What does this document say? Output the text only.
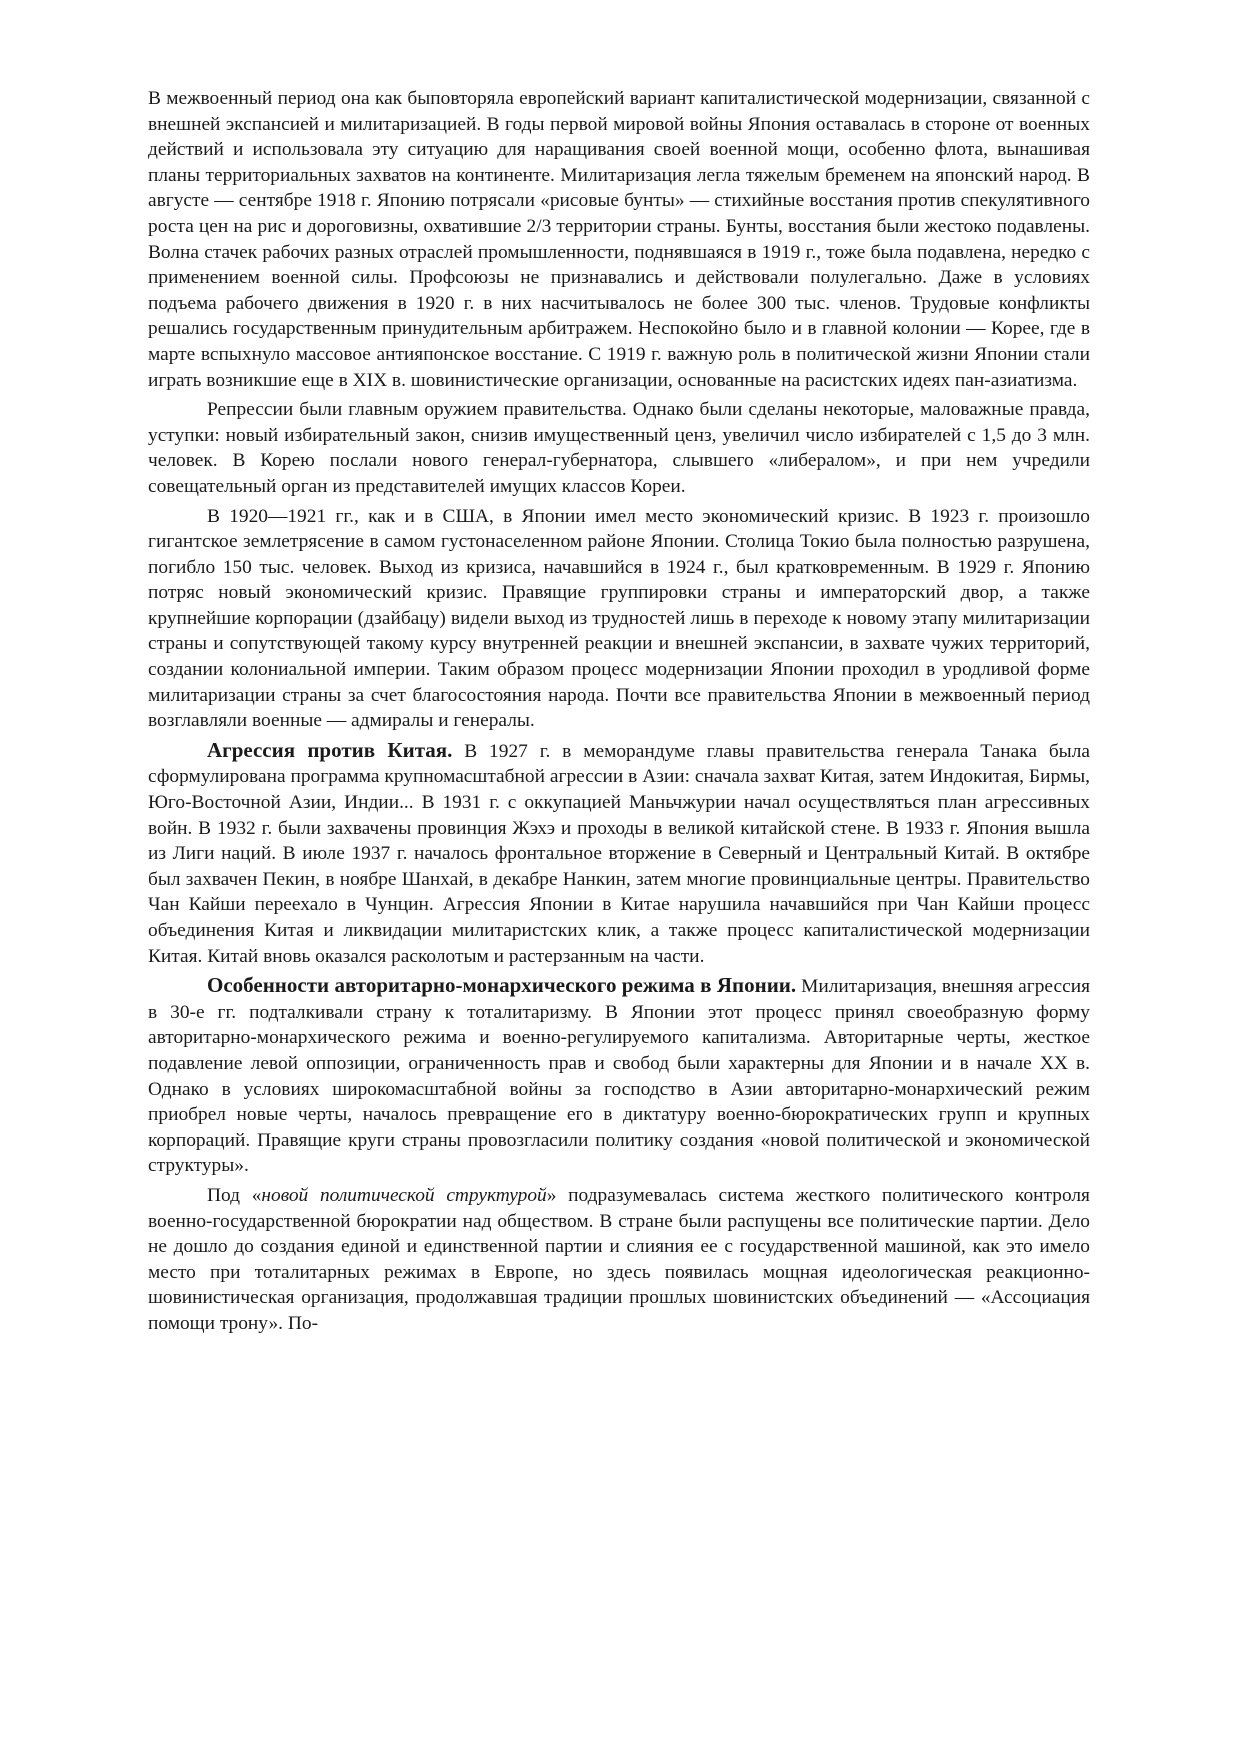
В межвоенный период она как быповторяла европейский вариант капиталистической модернизации, связанной с внешней экспансией и милитаризацией. В годы первой мировой войны Япония оставалась в стороне от военных действий и использовала эту ситуацию для наращивания своей военной мощи, особенно флота, вынашивая планы территориальных захватов на континенте. Милитаризация легла тяжелым бременем на японский народ. В августе — сентябре 1918 г. Японию потрясали «рисовые бунты» — стихийные восстания против спекулятивного роста цен на рис и дороговизны, охватившие 2/3 территории страны. Бунты, восстания были жестоко подавлены. Волна стачек рабочих разных отраслей промышленности, поднявшаяся в 1919 г., тоже была подавлена, нередко с применением военной силы. Профсоюзы не признавались и действовали полулегально. Даже в условиях подъема рабочего движения в 1920 г. в них насчитывалось не более 300 тыс. членов. Трудовые конфликты решались государственным принудительным арбитражем. Неспокойно было и в главной колонии — Корее, где в марте вспыхнуло массовое антияпонское восстание. С 1919 г. важную роль в политической жизни Японии стали играть возникшие еще в XIX в. шовинистические организации, основанные на расистских идеях пан-азиатизма.

Репрессии были главным оружием правительства. Однако были сделаны некоторые, маловажные правда, уступки: новый избирательный закон, снизив имущественный ценз, увеличил число избирателей с 1,5 до 3 млн. человек. В Корею послали нового генерал-губернатора, слывшего «либералом», и при нем учредили совещательный орган из представителей имущих классов Кореи.

В 1920—1921 гг., как и в США, в Японии имел место экономический кризис. В 1923 г. произошло гигантское землетрясение в самом густонаселенном районе Японии. Столица Токио была полностью разрушена, погибло 150 тыс. человек. Выход из кризиса, начавшийся в 1924 г., был кратковременным. В 1929 г. Японию потряс новый экономический кризис. Правящие группировки страны и императорский двор, а также крупнейшие корпорации (дзайбацу) видели выход из трудностей лишь в переходе к новому этапу милитаризации страны и сопутствующей такому курсу внутренней реакции и внешней экспансии, в захвате чужих территорий, создании колониальной империи. Таким образом процесс модернизации Японии проходил в уродливой форме милитаризации страны за счет благосостояния народа. Почти все правительства Японии в межвоенный период возглавляли военные — адмиралы и генералы.

Агрессия против Китая. В 1927 г. в меморандуме главы правительства генерала Танака была сформулирована программа крупномасштабной агрессии в Азии: сначала захват Китая, затем Индокитая, Бирмы, Юго-Восточной Азии, Индии... В 1931 г. с оккупацией Маньчжурии начал осуществляться план агрессивных войн. В 1932 г. были захвачены провинция Жэхэ и проходы в великой китайской стене. В 1933 г. Япония вышла из Лиги наций. В июле 1937 г. началось фронтальное вторжение в Северный и Центральный Китай. В октябре был захвачен Пекин, в ноябре Шанхай, в декабре Нанкин, затем многие провинциальные центры. Правительство Чан Кайши переехало в Чунцин. Агрессия Японии в Китае нарушила начавшийся при Чан Кайши процесс объединения Китая и ликвидации милитаристских клик, а также процесс капиталистической модернизации Китая. Китай вновь оказался расколотым и растерзанным на части.

Особенности авторитарно-монархического режима в Японии. Милитаризация, внешняя агрессия в 30-е гг. подталкивали страну к тоталитаризму. В Японии этот процесс принял своеобразную форму авторитарно-монархического режима и военно-регулируемого капитализма. Авторитарные черты, жесткое подавление левой оппозиции, ограниченность прав и свобод были характерны для Японии и в начале XX в. Однако в условиях широкомасштабной войны за господство в Азии авторитарно-монархический режим приобрел новые черты, началось превращение его в диктатуру военно-бюрократических групп и крупных корпораций. Правящие круги страны провозгласили политику создания «новой политической и экономической структуры».

Под «новой политической структурой» подразумевалась система жесткого политического контроля военно-государственной бюрократии над обществом. В стране были распущены все политические партии. Дело не дошло до создания единой и единственной партии и слияния ее с государственной машиной, как это имело место при тоталитарных режимах в Европе, но здесь появилась мощная идеологическая реакционно-шовинистическая организация, продолжавшая традиции прошлых шовинистских объединений — «Ассоциация помощи трону». По-
